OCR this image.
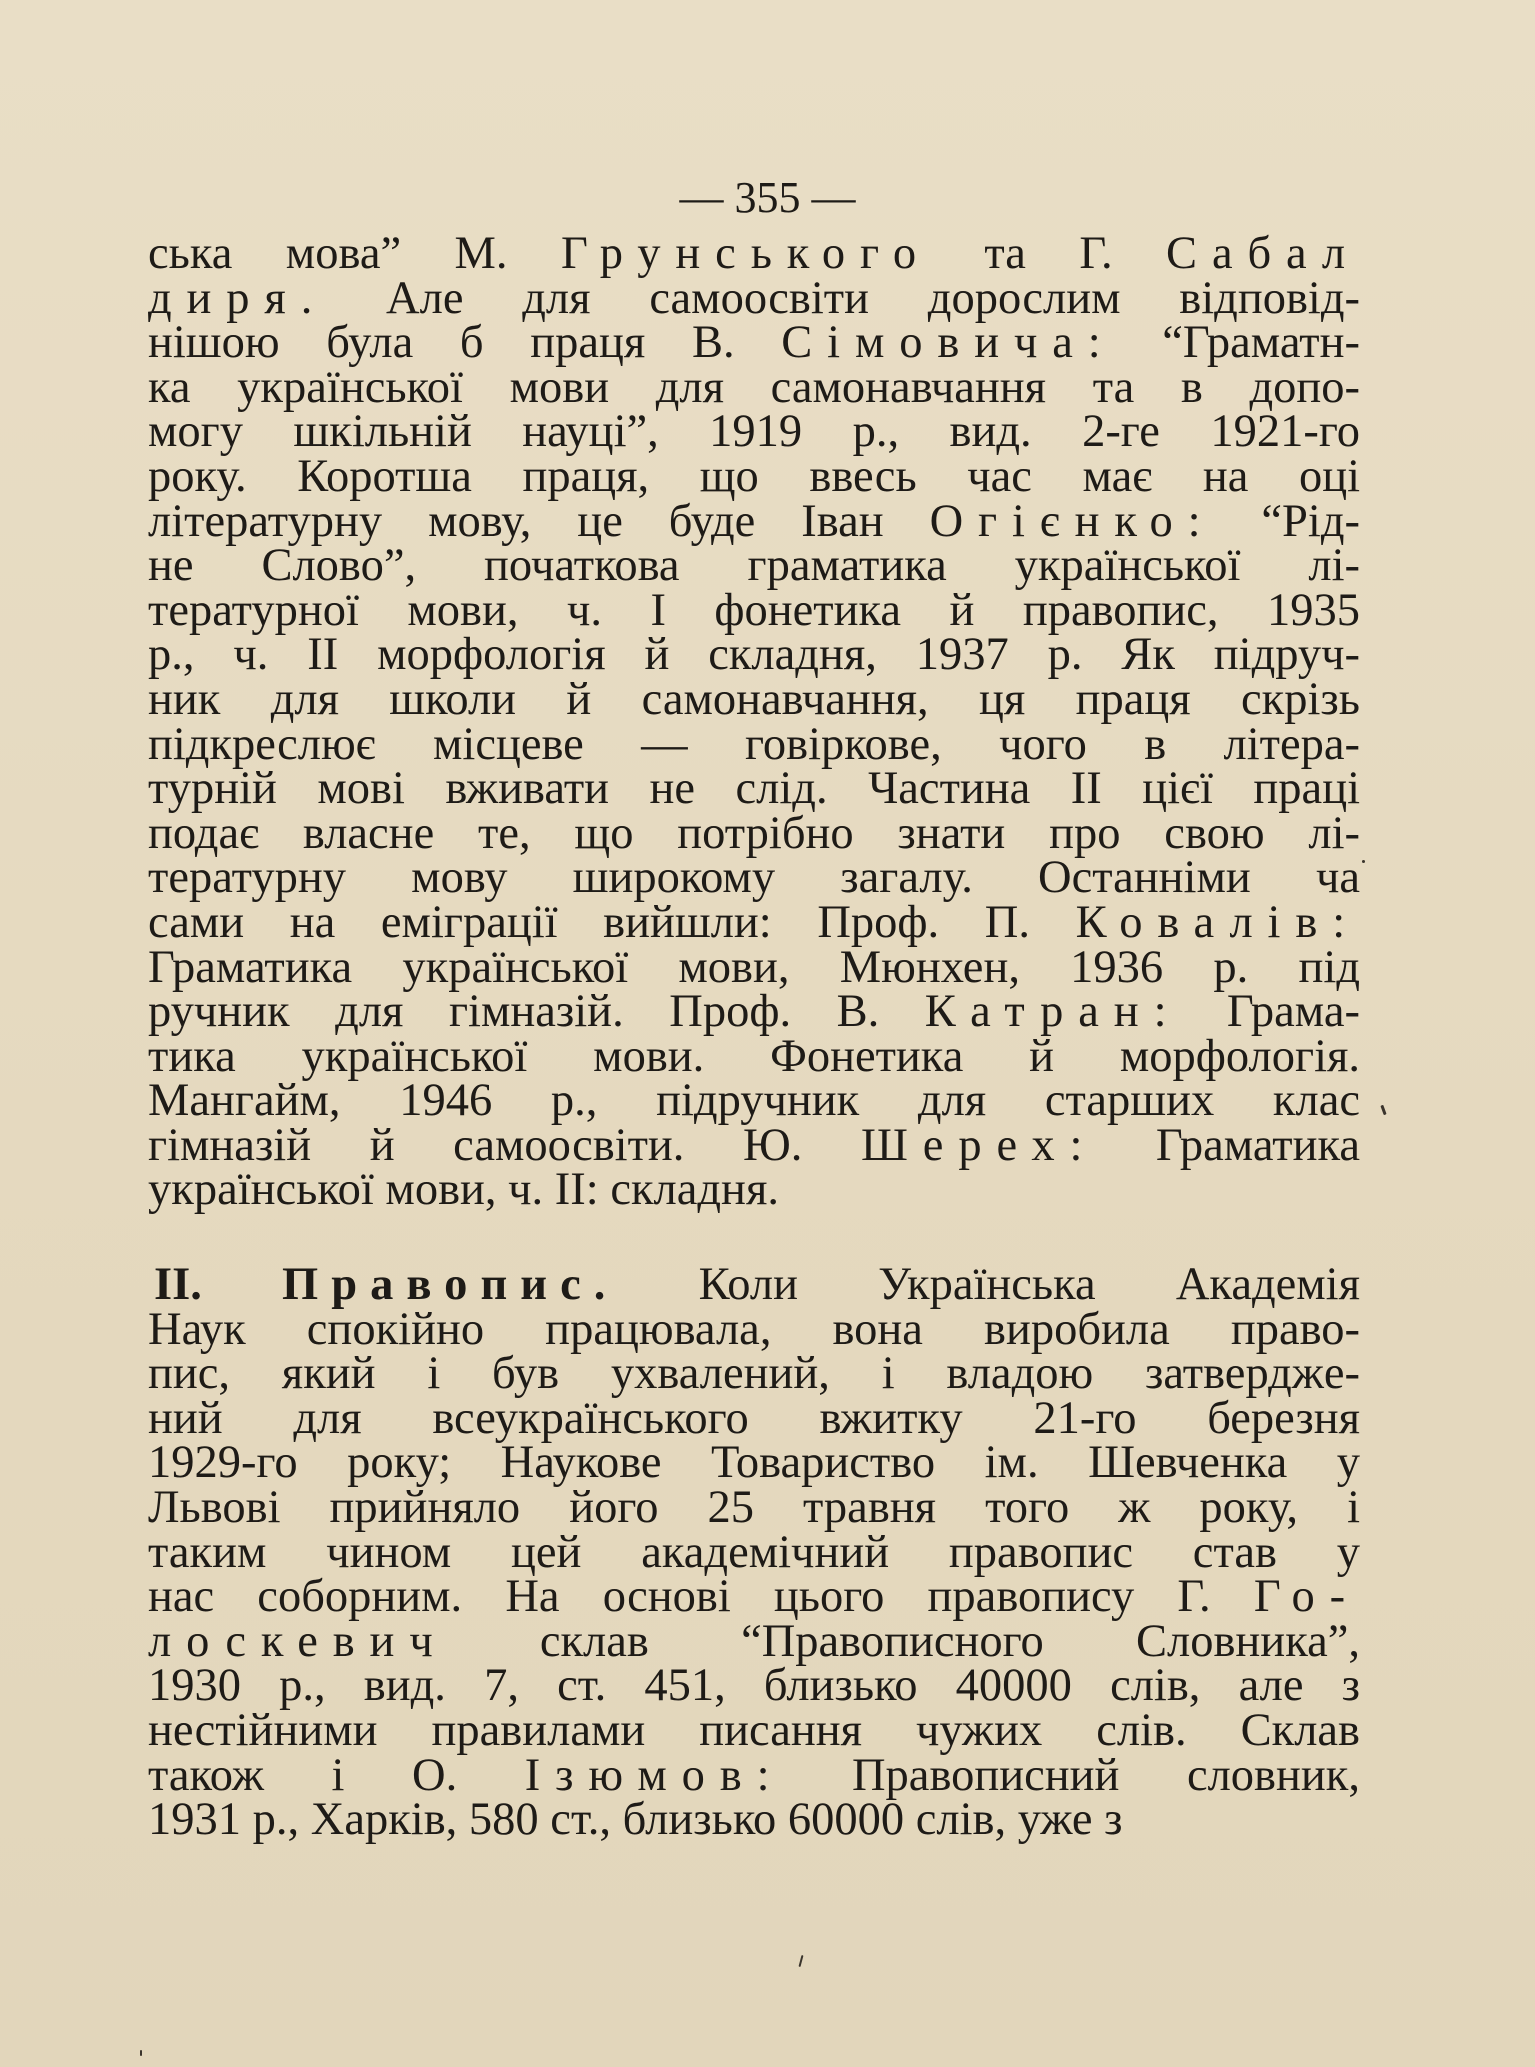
— 355 —
ська мова” М. Грунського та Г. Сабал
диря. Але для самоосвіти дорослим відповід-
нішою була б праця В. Сімовича: “Граматн-
ка української мови для самонавчання та в допо-
могу шкільній науці”, 1919 р., вид. 2-ге 1921-го
року. Коротша праця, що ввесь час має на оці
літературну мову, це буде Іван Огієнко: “Рід-
не Слово”, початкова граматика української лі-
тературної мови, ч. І фонетика й правопис, 1935
р., ч. ІІ морфологія й складня, 1937 р. Як підруч-
ник для школи й самонавчання, ця праця скрізь
підкреслює місцеве — говіркове, чого в літера-
турній мові вживати не слід. Частина ІІ цієї праці
подає власне те, що потрібно знати про свою лі-
тературну мову широкому загалу. Останніми ча
сами на еміграції вийшли: Проф. П. Ковалів:
Граматика української мови, Мюнхен, 1936 р. під
ручник для гімназій. Проф. В. Катран: Грама-
тика української мови. Фонетика й морфологія.
Мангайм, 1946 р., підручник для старших клас
гімназій й самоосвіти. Ю. Шерех: Граматика
української мови, ч. ІІ: складня.
ІІ. Правопис. Коли Українська Академія
Наук спокійно працювала, вона виробила право-
пис, який і був ухвалений, і владою затверджe-
ний для всеукраїнського вжитку 21-го березня
1929-го року; Наукове Товариство ім. Шевченка у
Львові прийняло його 25 травня того ж року, і
таким чином цей академічний правопис став у
нас соборним. На основі цього правопису Г. Го-
лоскевич склав “Правописного Словника”,
1930 р., вид. 7, ст. 451, близько 40000 слів, але з
нестійними правилами писання чужих слів. Склав
також і О. Ізюмов: Правописний словник,
1931 р., Харків, 580 ст., близько 60000 слів, уже з
